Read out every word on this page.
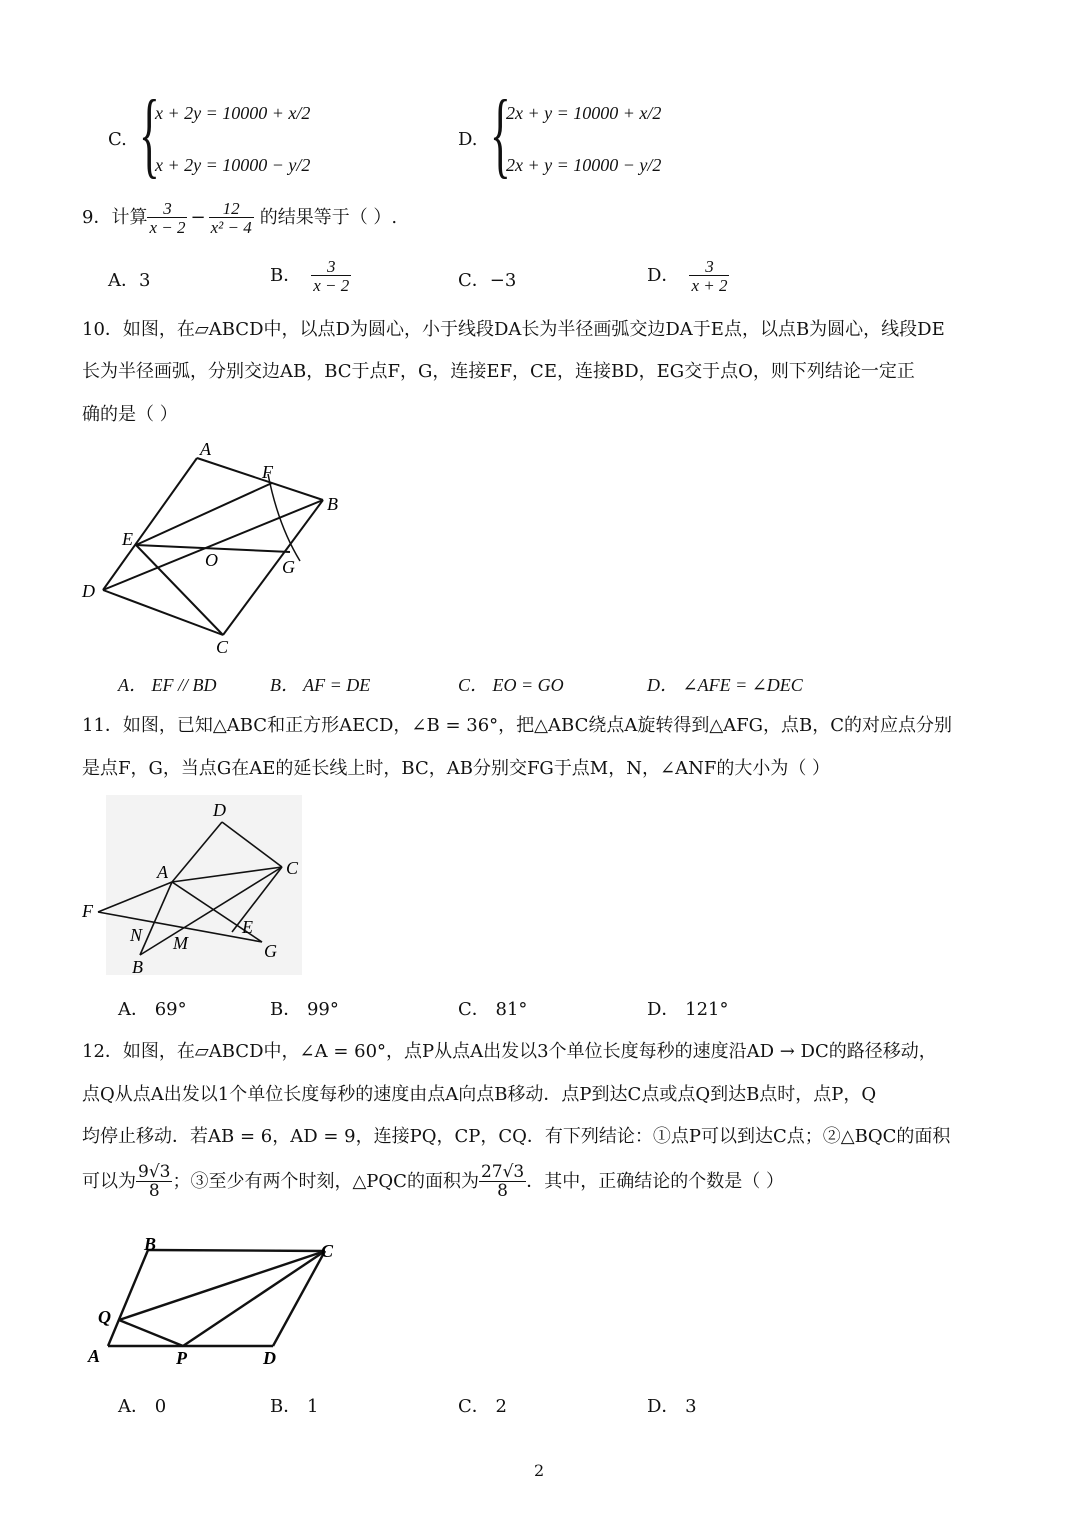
C. {
x + 2y = 10000 + x/2
x + 2y = 10000 − y/2
D. {
2x + y = 10000 + x/2
2x + y = 10000 − y/2
9．计算 $\frac{3}{x - 2} - \frac{12}{\text{x² − 4}}$ 的结果等于（ ）.
A．3	B． $\frac{3}{x - 2}$	C．−3	D． $\frac{3}{x + 2}$
10．如图，在▱ABCD中，以点D为圆心，小于线段DA长为半径画弧交边DA于E点，以点B为圆心，线段DE
长为半径画弧，分别交边AB，BC于点F，G，连接EF，CE，连接BD，EG交于点O，则下列结论一定正
确的是（ ）
A
F
B
E
O	G
D
C
A． EF // BD	B． AF = DE	C． EO = GO	D． ∠AFE = ∠DEC
11．如图，已知△ABC和正方形AECD，∠B = 36°，把△ABC绕点A旋转得到△AFG，点B，C的对应点分别
是点F，G，当点G在AE的延长线上时，BC，AB分别交FG于点M，N，∠ANF的大小为（ ）
D
C
A
F
E
N M	G
B
A． 69°	B． 99°	C． 81°	D． 121°
12．如图，在▱ABCD中，∠A = 60°，点P从点A出发以3个单位长度每秒的速度沿AD → DC的路径移动，
点Q从点A出发以1个单位长度每秒的速度由点A向点B移动．点P到达C点或点Q到达B点时，点P，Q
均停止移动．若AB = 6，AD = 9，连接PQ，CP，CQ．有下列结论：①点P可以到达C点；②△BQC的面积
可以为 $\frac{9√3}{8}$ ；③至少有两个时刻，△PQC的面积为 $\frac{27√3}{8}$ ．其中，正确结论的个数是（ ）
B	C
Q
A	P	D
A． 0	B． 1	C． 2	D． 3
2
